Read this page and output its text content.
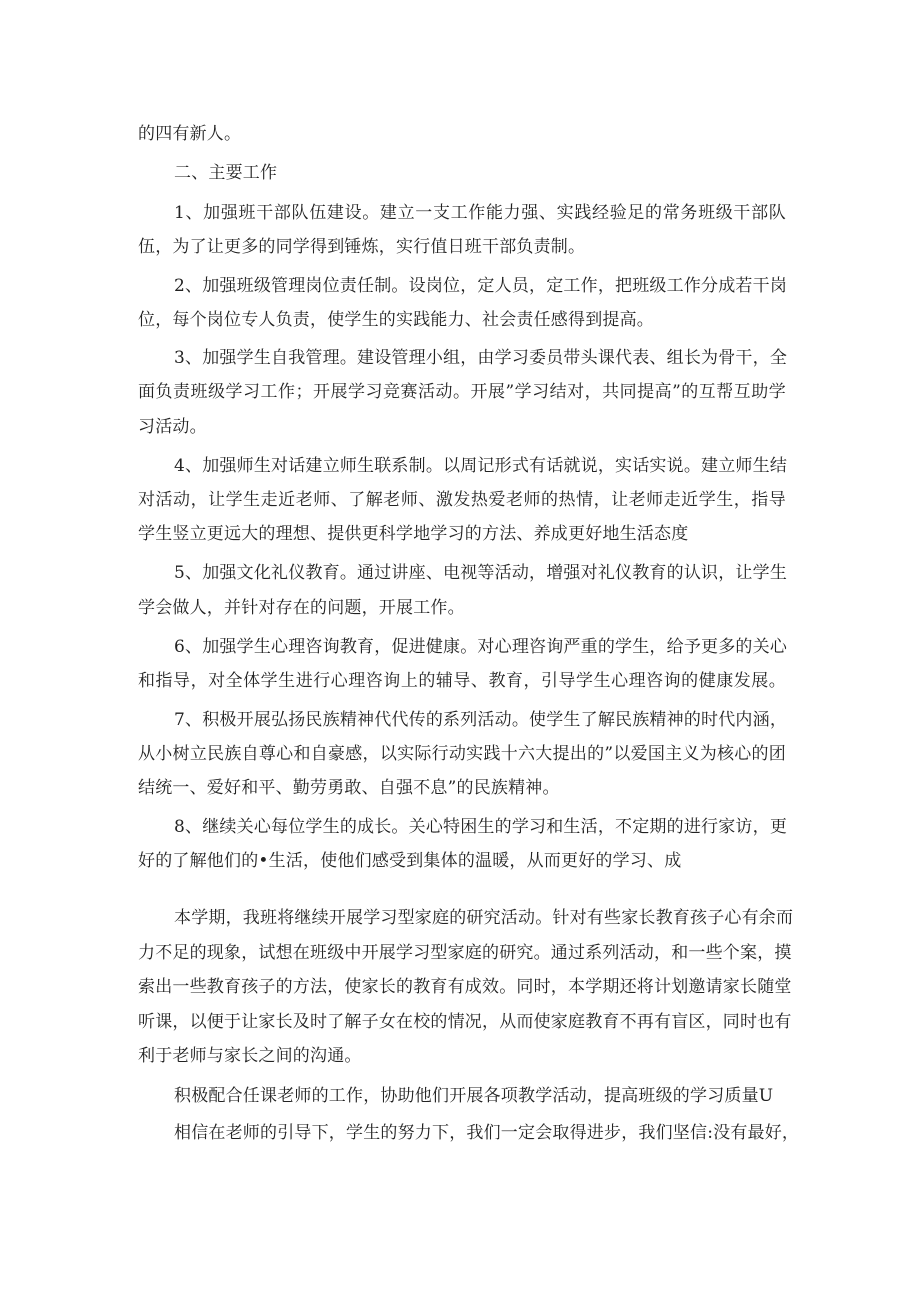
的四有新人。
二、主要工作
1、加强班干部队伍建设。建立一支工作能力强、实践经验足的常务班级干部队
伍，为了让更多的同学得到锤炼，实行值日班干部负责制。
2、加强班级管理岗位责任制。设岗位，定人员，定工作，把班级工作分成若干岗
位，每个岗位专人负责，使学生的实践能力、社会责任感得到提高。
3、加强学生自我管理。建设管理小组，由学习委员带头课代表、组长为骨干，全
面负责班级学习工作；开展学习竞赛活动。开展”学习结对，共同提高”的互帮互助学
习活动。
4、加强师生对话建立师生联系制。以周记形式有话就说，实话实说。建立师生结
对活动，让学生走近老师、了解老师、激发热爱老师的热情，让老师走近学生，指导
学生竖立更远大的理想、提供更科学地学习的方法、养成更好地生活态度
5、加强文化礼仪教育。通过讲座、电视等活动，增强对礼仪教育的认识，让学生
学会做人，并针对存在的问题，开展工作。
6、加强学生心理咨询教育，促进健康。对心理咨询严重的学生，给予更多的关心
和指导，对全体学生进行心理咨询上的辅导、教育，引导学生心理咨询的健康发展。
7、积极开展弘扬民族精神代代传的系列活动。使学生了解民族精神的时代内涵，
从小树立民族自尊心和自豪感，以实际行动实践十六大提出的”以爱国主义为核心的团
结统一、爱好和平、勤劳勇敢、自强不息”的民族精神。
8、继续关心每位学生的成长。关心特困生的学习和生活，不定期的进行家访，更
好的了解他们的•生活，使他们感受到集体的温暖，从而更好的学习、成
本学期，我班将继续开展学习型家庭的研究活动。针对有些家长教育孩子心有余而
力不足的现象，试想在班级中开展学习型家庭的研究。通过系列活动，和一些个案，摸
索出一些教育孩子的方法，使家长的教育有成效。同时，本学期还将计划邀请家长随堂
听课，以便于让家长及时了解子女在校的情况，从而使家庭教育不再有盲区，同时也有
利于老师与家长之间的沟通。
积极配合任课老师的工作，协助他们开展各项教学活动，提高班级的学习质量U
相信在老师的引导下，学生的努力下，我们一定会取得进步，我们坚信:没有最好，
